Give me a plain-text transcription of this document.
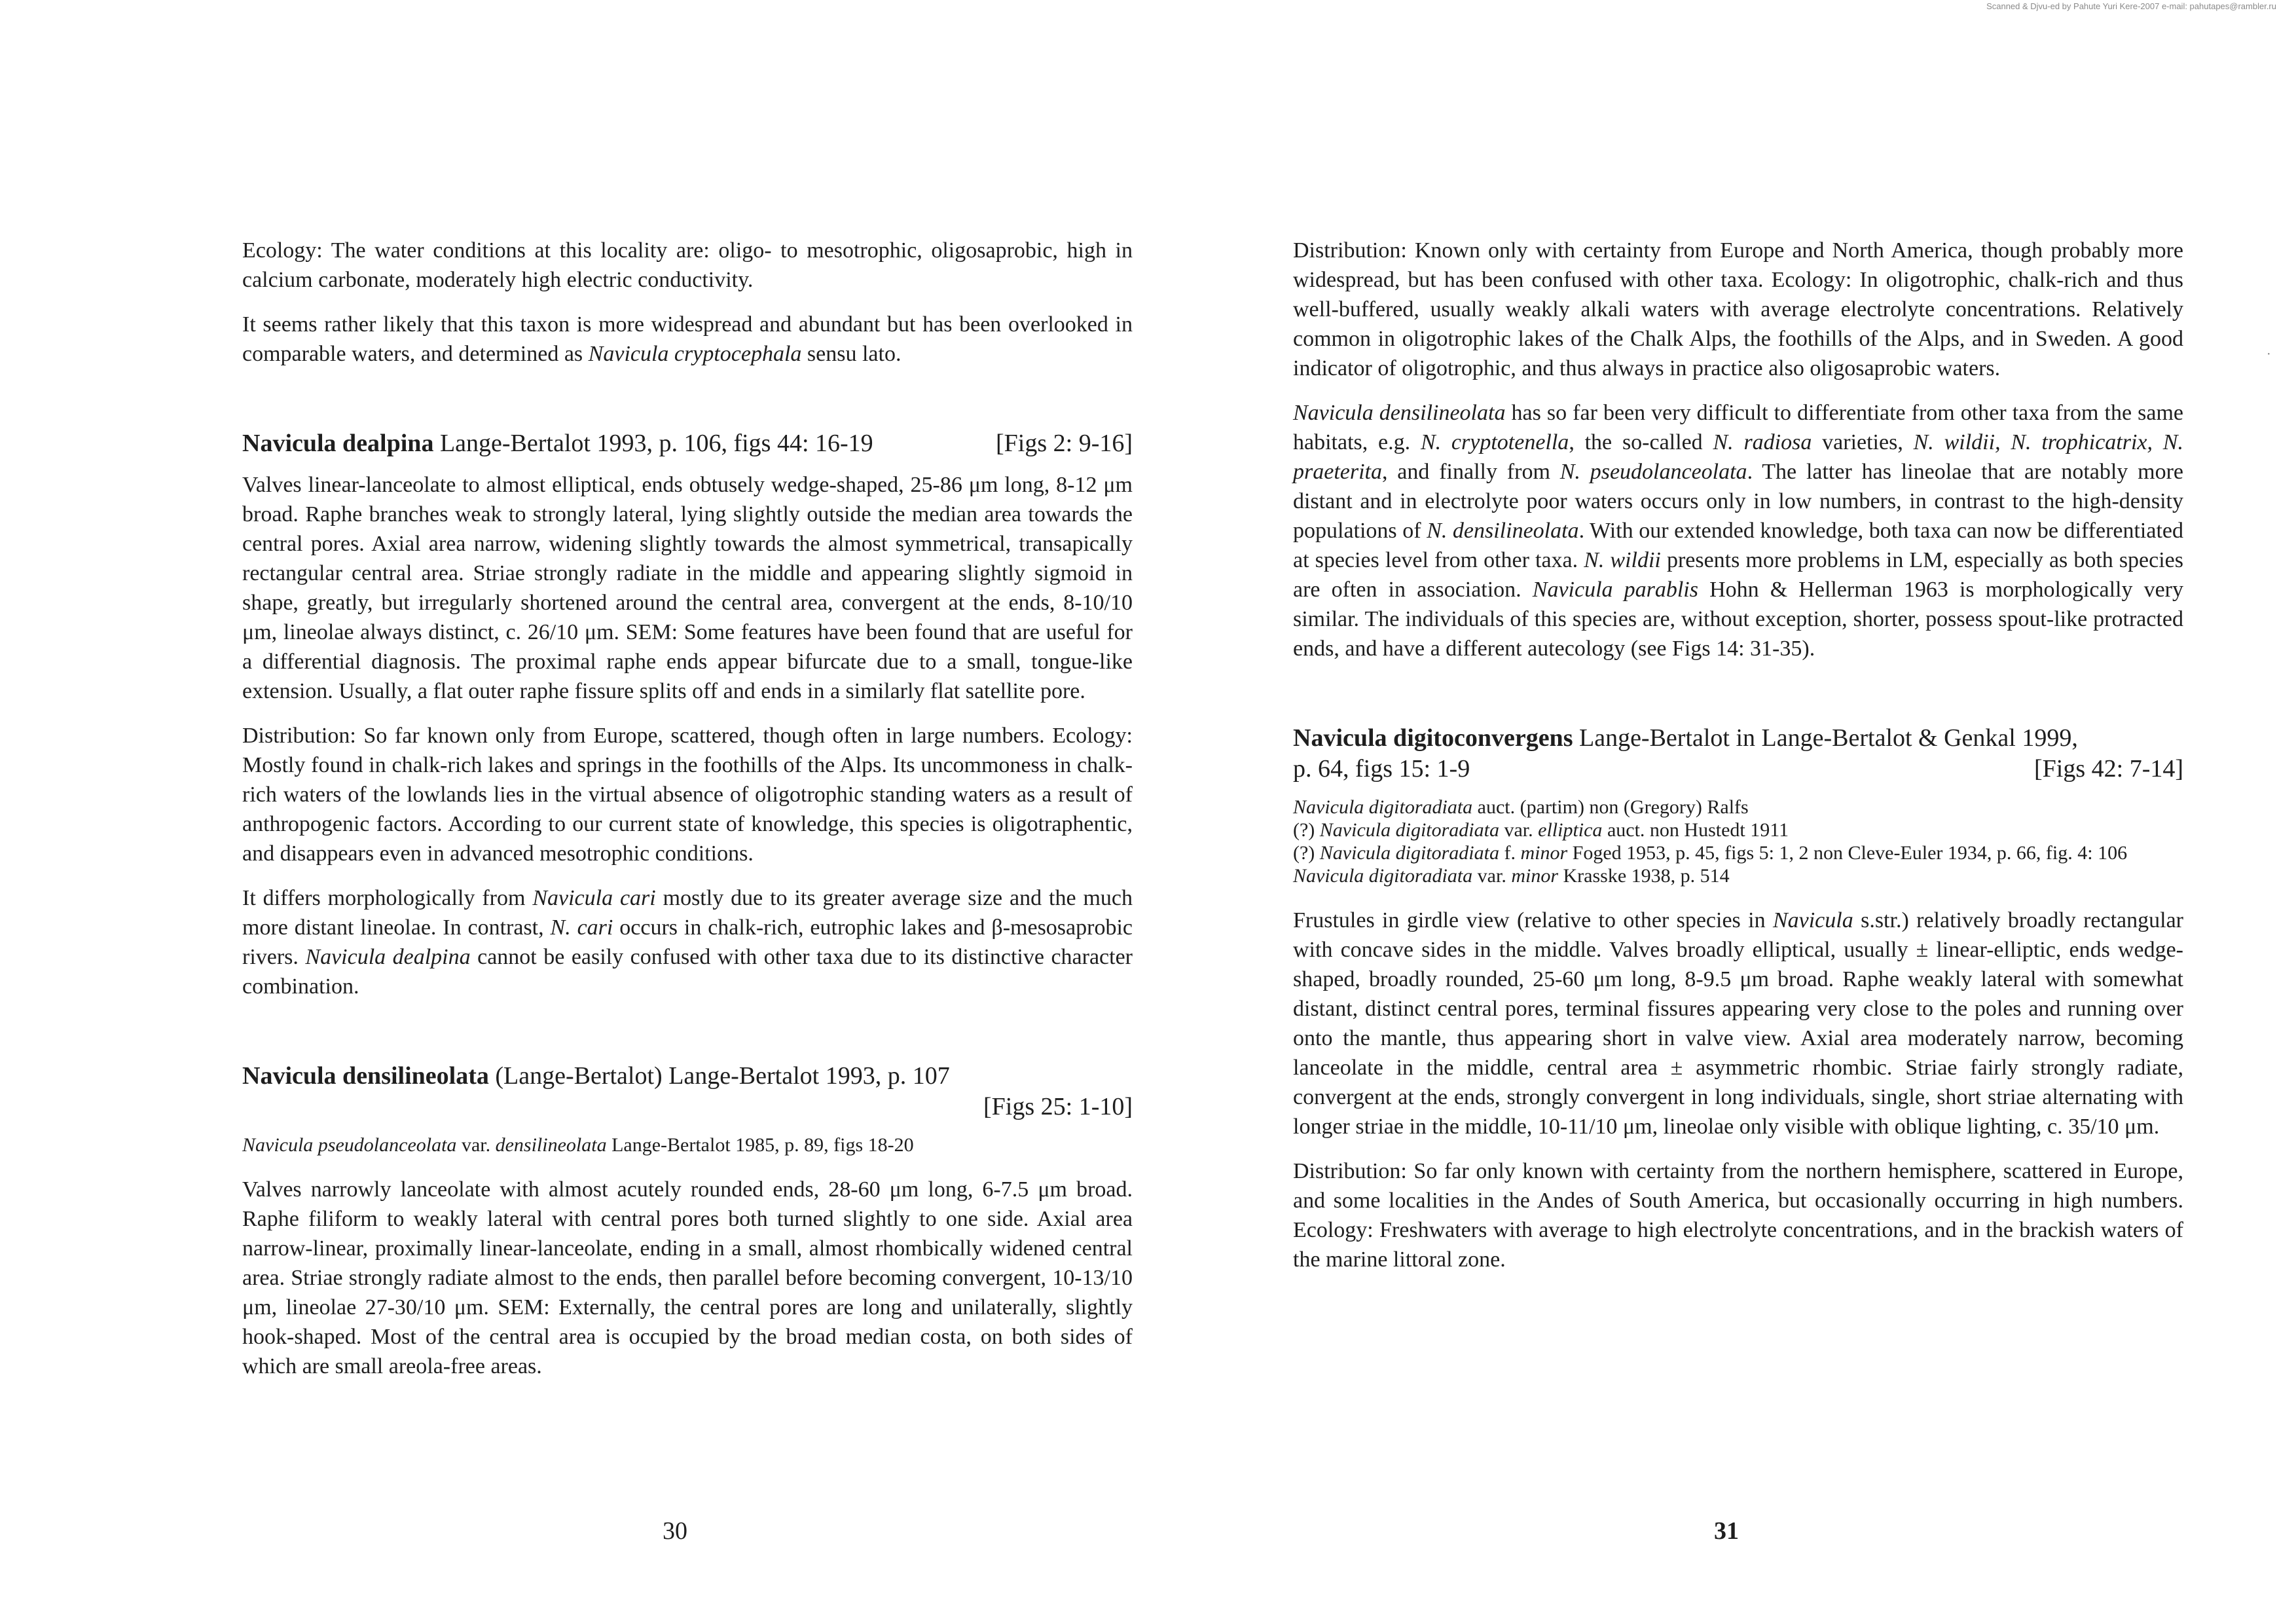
Scanned & Djvu-ed by Pahute Yuri Kere-2007 e-mail: pahutapes@rambler.ru
·

Ecology: The water conditions at this locality are: oligo- to mesotrophic, oligosaprobic, high in calcium carbonate, moderately high electric conductivity.

It seems rather likely that this taxon is more widespread and abundant but has been overlooked in comparable waters, and determined as Navicula cryptocephala sensu lato.

Navicula dealpina Lange-Bertalot 1993, p. 106, figs 44: 16-19	[Figs 2: 9-16]

Valves linear-lanceolate to almost elliptical, ends obtusely wedge-shaped, 25-86 μm long, 8-12 μm broad. Raphe branches weak to strongly lateral, lying slightly outside the median area towards the central pores. Axial area narrow, widening slightly towards the almost symmetrical, transapically rectangular central area. Striae strongly radiate in the middle and appearing slightly sigmoid in shape, greatly, but irregularly shortened around the central area, convergent at the ends, 8-10/10 μm, lineolae always distinct, c. 26/10 μm. SEM: Some features have been found that are useful for a differential diagnosis. The proximal raphe ends appear bifurcate due to a small, tongue-like extension. Usually, a flat outer raphe fissure splits off and ends in a similarly flat satellite pore.

Distribution: So far known only from Europe, scattered, though often in large numbers. Ecology: Mostly found in chalk-rich lakes and springs in the foothills of the Alps. Its uncommoness in chalk-rich waters of the lowlands lies in the virtual absence of oligotrophic standing waters as a result of anthropogenic factors. According to our current state of knowledge, this species is oligotraphentic, and disappears even in advanced mesotrophic conditions.

It differs morphologically from Navicula cari mostly due to its greater average size and the much more distant lineolae. In contrast, N. cari occurs in chalk-rich, eutrophic lakes and β-mesosaprobic rivers. Navicula dealpina cannot be easily confused with other taxa due to its distinctive character combination.

Navicula densilineolata (Lange-Bertalot) Lange-Bertalot 1993, p. 107
[Figs 25: 1-10]

Navicula pseudolanceolata var. densilineolata Lange-Bertalot 1985, p. 89, figs 18-20

Valves narrowly lanceolate with almost acutely rounded ends, 28-60 μm long, 6-7.5 μm broad. Raphe filiform to weakly lateral with central pores both turned slightly to one side. Axial area narrow-linear, proximally linear-lanceolate, ending in a small, almost rhombically widened central area. Striae strongly radiate almost to the ends, then parallel before becoming convergent, 10-13/10 μm, lineolae 27-30/10 μm. SEM: Externally, the central pores are long and unilaterally, slightly hook-shaped. Most of the central area is occupied by the broad median costa, on both sides of which are small areola-free areas.

30

Distribution: Known only with certainty from Europe and North America, though probably more widespread, but has been confused with other taxa. Ecology: In oligotrophic, chalk-rich and thus well-buffered, usually weakly alkali waters with average electrolyte concentrations. Relatively common in oligotrophic lakes of the Chalk Alps, the foothills of the Alps, and in Sweden. A good indicator of oligotrophic, and thus always in practice also oligosaprobic waters.

Navicula densilineolata has so far been very difficult to differentiate from other taxa from the same habitats, e.g. N. cryptotenella, the so-called N. radiosa varieties, N. wildii, N. trophicatrix, N. praeterita, and finally from N. pseudolanceolata. The latter has lineolae that are notably more distant and in electrolyte poor waters occurs only in low numbers, in contrast to the high-density populations of N. densilineolata. With our extended knowledge, both taxa can now be differentiated at species level from other taxa. N. wildii presents more problems in LM, especially as both species are often in association. Navicula parablis Hohn & Hellerman 1963 is morphologically very similar. The individuals of this species are, without exception, shorter, possess spout-like protracted ends, and have a different autecology (see Figs 14: 31-35).

Navicula digitoconvergens Lange-Bertalot in Lange-Bertalot & Genkal 1999,
p. 64, figs 15: 1-9	[Figs 42: 7-14]

Navicula digitoradiata auct. (partim) non (Gregory) Ralfs

(?) Navicula digitoradiata var. elliptica auct. non Hustedt 1911

(?) Navicula digitoradiata f. minor Foged 1953, p. 45, figs 5: 1, 2 non Cleve-Euler 1934, p. 66, fig. 4: 106

Navicula digitoradiata var. minor Krasske 1938, p. 514

Frustules in girdle view (relative to other species in Navicula s.str.) relatively broadly rectangular with concave sides in the middle. Valves broadly elliptical, usually ± linear-elliptic, ends wedge-shaped, broadly rounded, 25-60 μm long, 8-9.5 μm broad. Raphe weakly lateral with somewhat distant, distinct central pores, terminal fissures appearing very close to the poles and running over onto the mantle, thus appearing short in valve view. Axial area moderately narrow, becoming lanceolate in the middle, central area ± asymmetric rhombic. Striae fairly strongly radiate, convergent at the ends, strongly convergent in long individuals, single, short striae alternating with longer striae in the middle, 10-11/10 μm, lineolae only visible with oblique lighting, c. 35/10 μm.

Distribution: So far only known with certainty from the northern hemisphere, scattered in Europe, and some localities in the Andes of South America, but occasionally occurring in high numbers. Ecology: Freshwaters with average to high electrolyte concentrations, and in the brackish waters of the marine littoral zone.

31
